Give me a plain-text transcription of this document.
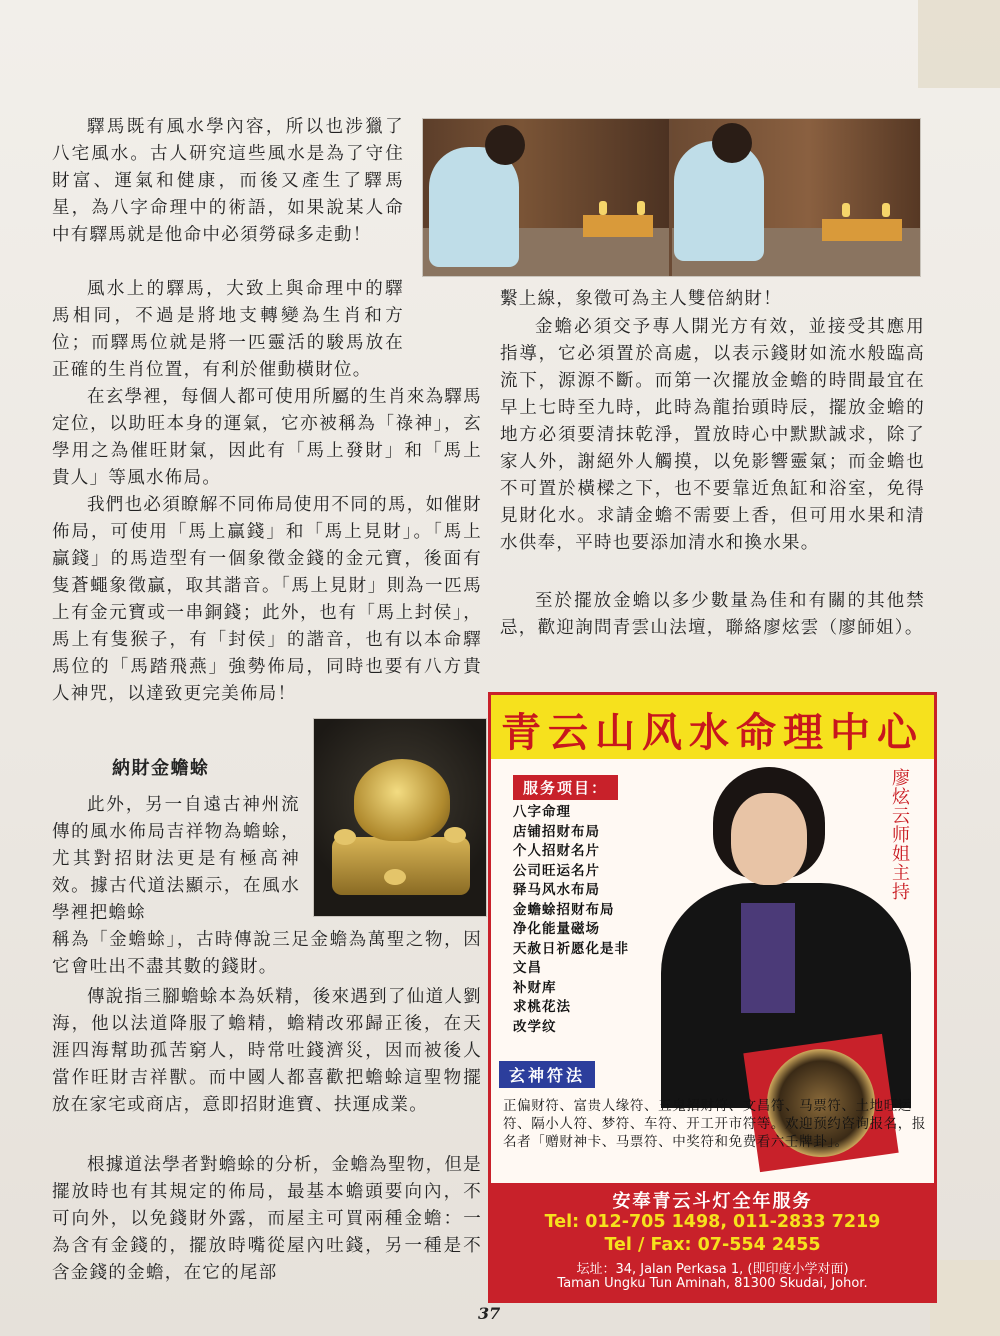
驛馬既有風水學內容，所以也涉獵了八宅風水。古人研究這些風水是為了守住財富、運氣和健康，而後又產生了驛馬星，為八字命理中的術語，如果說某人命中有驛馬就是他命中必須勞碌多走動！

風水上的驛馬，大致上與命理中的驛馬相同，不過是將地支轉變為生肖和方位；而驛馬位就是將一匹靈活的駿馬放在正確的生肖位置，有利於催動橫財位。

在玄學裡，每個人都可使用所屬的生肖來為驛馬定位，以助旺本身的運氣，它亦被稱為「祿神」，玄學用之為催旺財氣，因此有「馬上發財」和「馬上貴人」等風水佈局。

我們也必須瞭解不同佈局使用不同的馬，如催財佈局，可使用「馬上贏錢」和「馬上見財」。「馬上贏錢」的馬造型有一個象徵金錢的金元寶，後面有隻蒼蠅象徵贏，取其諧音。「馬上見財」則為一匹馬上有金元寶或一串銅錢；此外，也有「馬上封侯」，馬上有隻猴子，有「封侯」的諧音，也有以本命驛馬位的「馬踏飛燕」強勢佈局，同時也要有八方貴人神咒，以達致更完美佈局！

納財金蟾蜍

此外，另一自遠古神州流傳的風水佈局吉祥物為蟾蜍，尤其對招財法更是有極高神效。據古代道法顯示，在風水學裡把蟾蜍

稱為「金蟾蜍」，古時傳說三足金蟾為萬聖之物，因它會吐出不盡其數的錢財。

傳說指三腳蟾蜍本為妖精，後來遇到了仙道人劉海，他以法道降服了蟾精，蟾精改邪歸正後，在天涯四海幫助孤苦窮人，時常吐錢濟災，因而被後人當作旺財吉祥獸。而中國人都喜歡把蟾蜍這聖物擺放在家宅或商店，意即招財進寶、扶運成業。

根據道法學者對蟾蜍的分析，金蟾為聖物，但是擺放時也有其規定的佈局，最基本蟾頭要向內，不可向外，以免錢財外露，而屋主可買兩種金蟾：一為含有金錢的，擺放時嘴從屋內吐錢，另一種是不含金錢的金蟾，在它的尾部

繫上線，象徵可為主人雙倍納財！

金蟾必須交予專人開光方有效，並接受其應用指導，它必須置於高處，以表示錢財如流水般臨高流下，源源不斷。而第一次擺放金蟾的時間最宜在早上七時至九時，此時為龍抬頭時辰，擺放金蟾的地方必須要清抹乾淨，置放時心中默默誠求，除了家人外，謝絕外人觸摸，以免影響靈氣；而金蟾也不可置於橫樑之下，也不要靠近魚缸和浴室，免得見財化水。求請金蟾不需要上香，但可用水果和清水供奉，平時也要添加清水和換水果。

至於擺放金蟾以多少數量為佳和有關的其他禁忌，歡迎詢問青雲山法壇，聯絡廖炫雲（廖師姐）。

青云山风水命理中心
廖炫云师姐主持
服务项目：
八字命理
店铺招财布局
个人招财名片
公司旺运名片
驿马风水布局
金蟾蜍招财布局
净化能量磁场
天赦日祈愿化是非
文昌
补财库
求桃花法
改学纹
玄神符法

正偏财符、富贵人缘符、五鬼招财符、文昌符、马票符、土地旺运符、隔小人符、梦符、车符、开工开市符等。欢迎预约咨询报名，报名者「赠财神卡、马票符、中奖符和免费看六壬牌卦」。

安奉青云斗灯全年服务
Tel: 012-705 1498, 011-2833 7219
Tel / Fax: 07-554 2455
坛址：34, Jalan Perkasa 1, (即印度小学对面)
Taman Ungku Tun Aminah, 81300 Skudai, Johor.
37
